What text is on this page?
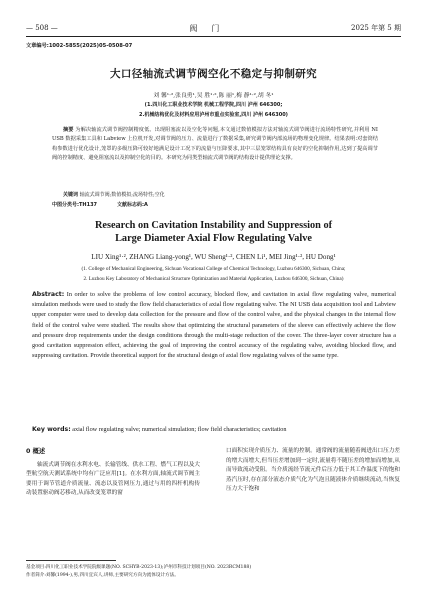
— 508 —	阀门	2025 年第 5 期
文章编号:1002-5855(2025)05-0508-07
大口径轴流式调节阀空化不稳定与抑制研究
刘 馨¹·²,张良勇¹,吴 胜¹·²,陈 丽¹,梅 静¹·²,胡 冬¹
(1.四川化工职业技术学院 机械工程学院,四川 泸州 646300;
2.机械结构优化及材料应用泸州市重点实验室,四川 泸州 646300)
摘要 为解决轴流式调节阀控制精度低、出现阻塞流以及空化等问题,本文通过数值模拟方法对轴流式调节阀进行流场特性研究,并利用 NI USB 数据采集工具和 Labview 上位机开发,对调节阀的压力、流量进行了数据采集,研究调节阀内部流场的物理变化规律。结果表明:对套筒结构参数进行优化设计,笼罩的多级压降可较好地满足设计工况下的流量与压降要求,其中三层笼罩结构具有良好的空化抑制作用,达到了提高调节阀的控制精度、避免阻塞流以及抑制空化的目的。本研究为同类型轴流式调节阀的结构设计提供理论支撑。
关键词 轴流式调节阀;数值模拟;流场特性;空化
中图分类号:TH137	文献标志码:A
Research on Cavitation Instability and Suppression of
Large Diameter Axial Flow Regulating Valve
LIU Xing¹·², ZHANG Liang-yong¹, WU Sheng¹·², CHEN Li¹, MEI Jing¹·², HU Dong¹
(1. College of Mechanical Engineering, Sichuan Vocational College of Chemical Technology, Luzhou 646300, Sichuan, China;
2. Luzhou Key Laboratory of Mechanical Structure Optimization and Material Application, Luzhou 646300, Sichuan, China)
Abstract: In order to solve the problems of low control accuracy, blocked flow, and cavitation in axial flow regulating valve, numerical simulation methods were used to study the flow field characteristics of axial flow regulating valve. The NI USB data acquisition tool and Labview upper computer were used to develop data collection for the pressure and flow of the control valve, and the physical changes in the internal flow field of the control valve were studied. The results show that optimizing the structural parameters of the sleeve can effectively achieve the flow and pressure drop requirements under the design conditions through the multi-stage reduction of the cover. The three-layer cover structure has a good cavitation suppression effect, achieving the goal of improving the control accuracy of the regulating valve, avoiding blocked flow, and suppressing cavitation. Provide theoretical support for the structural design of axial flow regulating valves of the same type.
Key words: axial flow regulating valve; numerical simulation; flow field characteristics; cavitation
0 概述
轴流式调节阀在水利水电、长输管线、供水工程、燃气工程以及大型航空航天测试系统中均有广泛应用[1]。在水利方面,轴流式调节阀主要用于调节管道介质流量、流态以及管网压力,通过与用的四杆机构传动装置驱动阀芯移动,从而改变笼罩的窗
口面积实现介质压力、流量的控制。通常阀的流量随着阀进出口压力差的增大而增大,但当压差增加到一定时,流量将不随压差的增加而增加,从而导致流动受阻。当介质流经节流元件后压力低于其工作温度下的饱和蒸汽压时,存在部分液态介质气化为气泡且随液体介质继续流动,当恢复压力大于饱和
基金项目:四川化工职业技术学院院级课题(NO. SCHYB-2023-13);泸州市科技计划项目(NO. 2023RCM188)
作者简介:刘馨(1994-),男,四川宜宾人,讲师,主要研究方向为流体设计方法。
